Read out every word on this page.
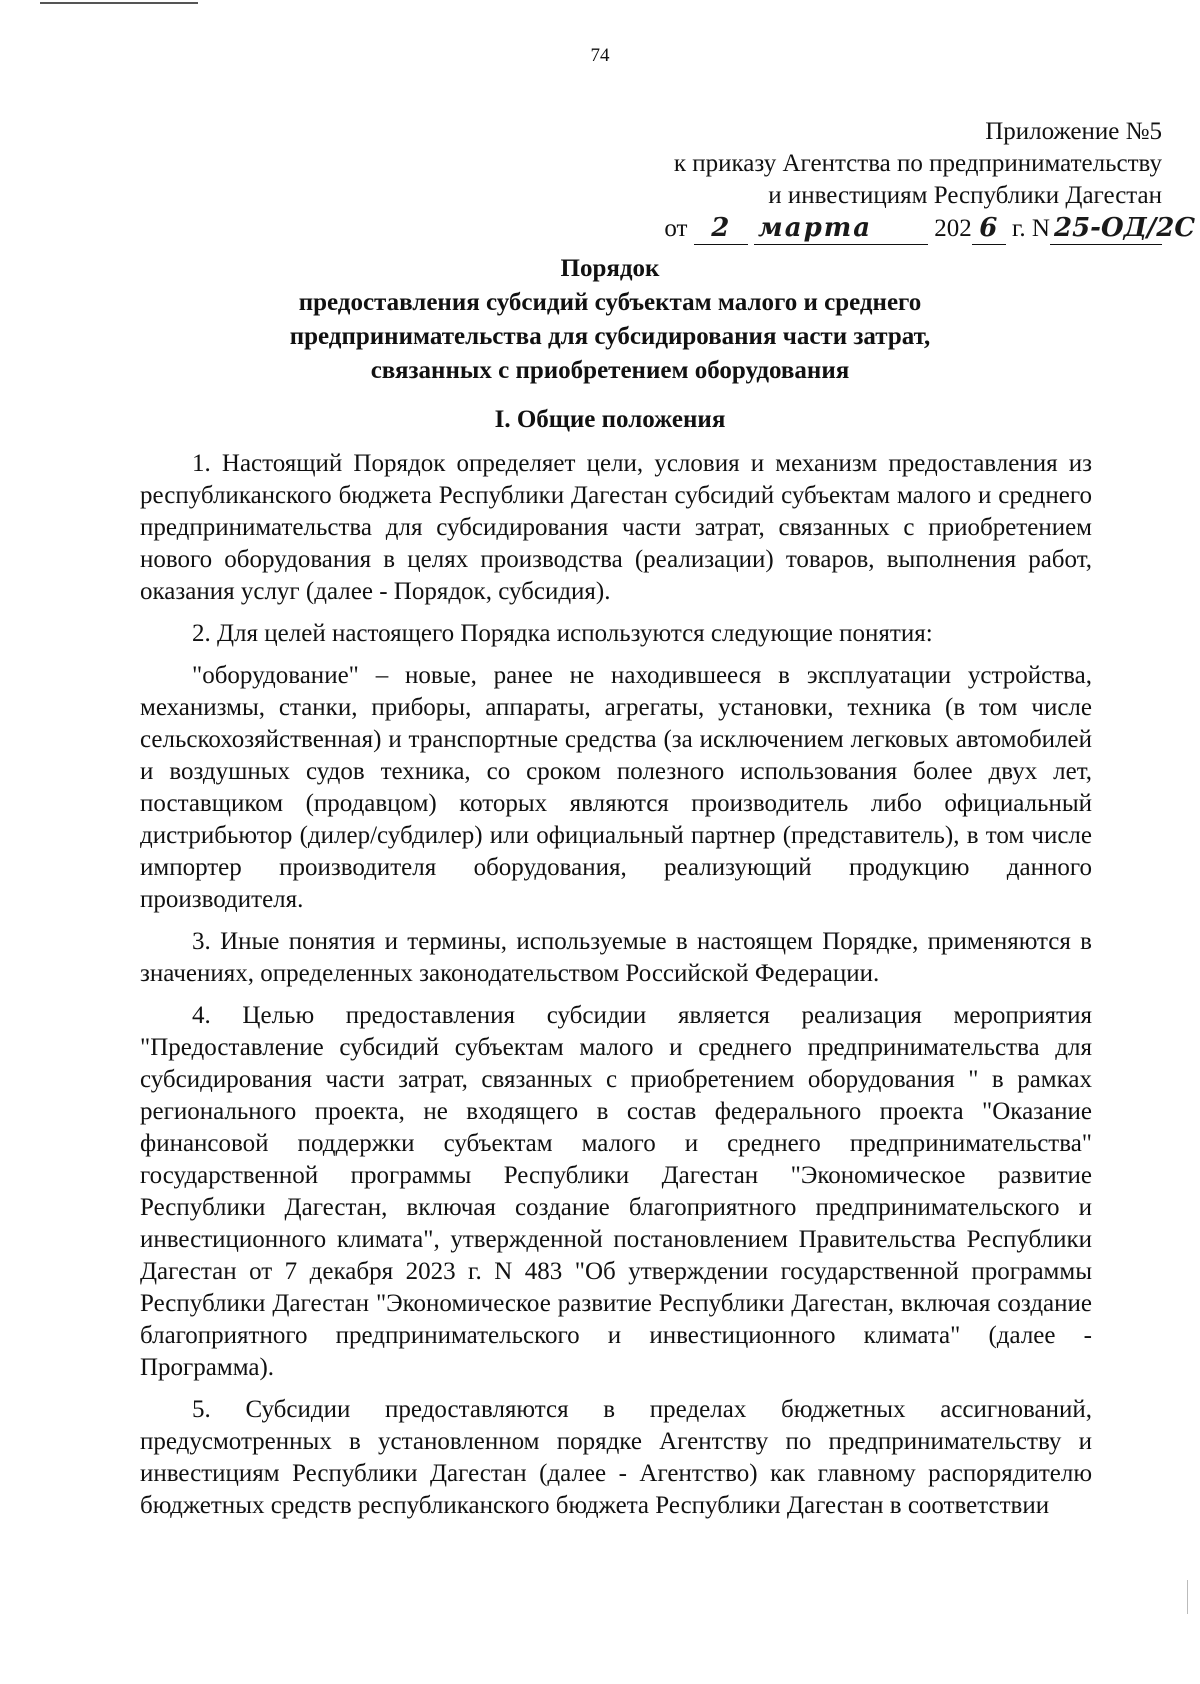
74
Приложение №5
к приказу Агентства по предпринимательству
и инвестициям Республики Дагестан
от 2 марта 202 6 г. N 25-ОД/2С
Порядок
предоставления субсидий субъектам малого и среднего
предпринимательства для субсидирования части затрат,
связанных с приобретением оборудования
I. Общие положения

1. Настоящий Порядок определяет цели, условия и механизм предоставления из республиканского бюджета Республики Дагестан субсидий субъектам малого и среднего предпринимательства для субсидирования части затрат, связанных с приобретением нового оборудования в целях производства (реализации) товаров, выполнения работ, оказания услуг (далее - Порядок, субсидия).

2. Для целей настоящего Порядка используются следующие понятия:

"оборудование" – новые, ранее не находившееся в эксплуатации устройства, механизмы, станки, приборы, аппараты, агрегаты, установки, техника (в том числе сельскохозяйственная) и транспортные средства (за исключением легковых автомобилей и воздушных судов техника, со сроком полезного использования более двух лет, поставщиком (продавцом) которых являются производитель либо официальный дистрибьютор (дилер/субдилер) или официальный партнер (представитель), в том числе импортер производителя оборудования, реализующий продукцию данного производителя.

3. Иные понятия и термины, используемые в настоящем Порядке, применяются в значениях, определенных законодательством Российской Федерации.

4. Целью предоставления субсидии является реализация мероприятия "Предоставление субсидий субъектам малого и среднего предпринимательства для субсидирования части затрат, связанных с приобретением оборудования " в рамках регионального проекта, не входящего в состав федерального проекта "Оказание финансовой поддержки субъектам малого и среднего предпринимательства" государственной программы Республики Дагестан "Экономическое развитие Республики Дагестан, включая создание благоприятного предпринимательского и инвестиционного климата", утвержденной постановлением Правительства Республики Дагестан от 7 декабря 2023 г. N 483 "Об утверждении государственной программы Республики Дагестан "Экономическое развитие Республики Дагестан, включая создание благоприятного предпринимательского и инвестиционного климата" (далее - Программа).

5. Субсидии предоставляются в пределах бюджетных ассигнований, предусмотренных в установленном порядке Агентству по предпринимательству и инвестициям Республики Дагестан (далее - Агентство) как главному распорядителю бюджетных средств республиканского бюджета Республики Дагестан в соответствии
